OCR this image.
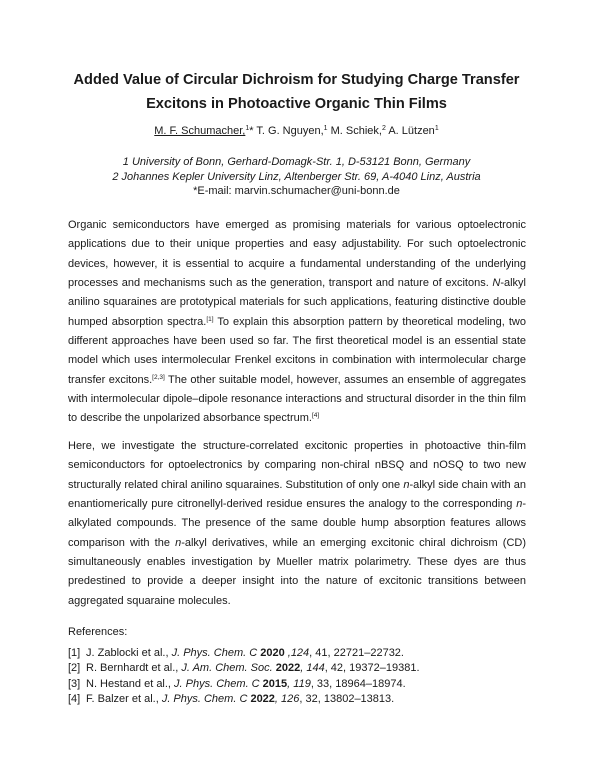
Added Value of Circular Dichroism for Studying Charge Transfer
Excitons in Photoactive Organic Thin Films
M. F. Schumacher,$^1$* T. G. Nguyen,$^1$ M. Schiek,$^2$ A. Lützen$^1$
1 University of Bonn, Gerhard-Domagk-Str. 1, D-53121 Bonn, Germany
2 Johannes Kepler University Linz, Altenberger Str. 69, A-4040 Linz, Austria
*E-mail: marvin.schumacher@uni-bonn.de

Organic semiconductors have emerged as promising materials for various optoelectronic applications due to their unique properties and easy adjustability. For such optoelectronic devices, however, it is essential to acquire a fundamental understanding of the underlying processes and mechanisms such as the generation, transport and nature of excitons. N-alkyl anilino squaraines are prototypical materials for such applications, featuring distinctive double humped absorption spectra.[1] To explain this absorption pattern by theoretical modeling, two different approaches have been used so far. The first theoretical model is an essential state model which uses intermolecular Frenkel excitons in combination with intermolecular charge transfer excitons.[2,3] The other suitable model, however, assumes an ensemble of aggregates with intermolecular dipole–dipole resonance interactions and structural disorder in the thin film to describe the unpolarized absorbance spectrum.[4]

Here, we investigate the structure-correlated excitonic properties in photoactive thin-film semiconductors for optoelectronics by comparing non-chiral nBSQ and nOSQ to two new structurally related chiral anilino squaraines. Substitution of only one n-alkyl side chain with an enantiomerically pure citronellyl-derived residue ensures the analogy to the corresponding n-alkylated compounds. The presence of the same double hump absorption features allows comparison with the n-alkyl derivatives, while an emerging excitonic chiral dichroism (CD) simultaneously enables investigation by Mueller matrix polarimetry. These dyes are thus predestined to provide a deeper insight into the nature of excitonic transitions between aggregated squaraine molecules.

References:
[1] J. Zablocki et al., J. Phys. Chem. C 2020 ,124, 41, 22721–22732.
[2] R. Bernhardt et al., J. Am. Chem. Soc. 2022, 144, 42, 19372–19381.
[3] N. Hestand et al., J. Phys. Chem. C 2015, 119, 33, 18964–18974.
[4] F. Balzer et al., J. Phys. Chem. C 2022, 126, 32, 13802–13813.
